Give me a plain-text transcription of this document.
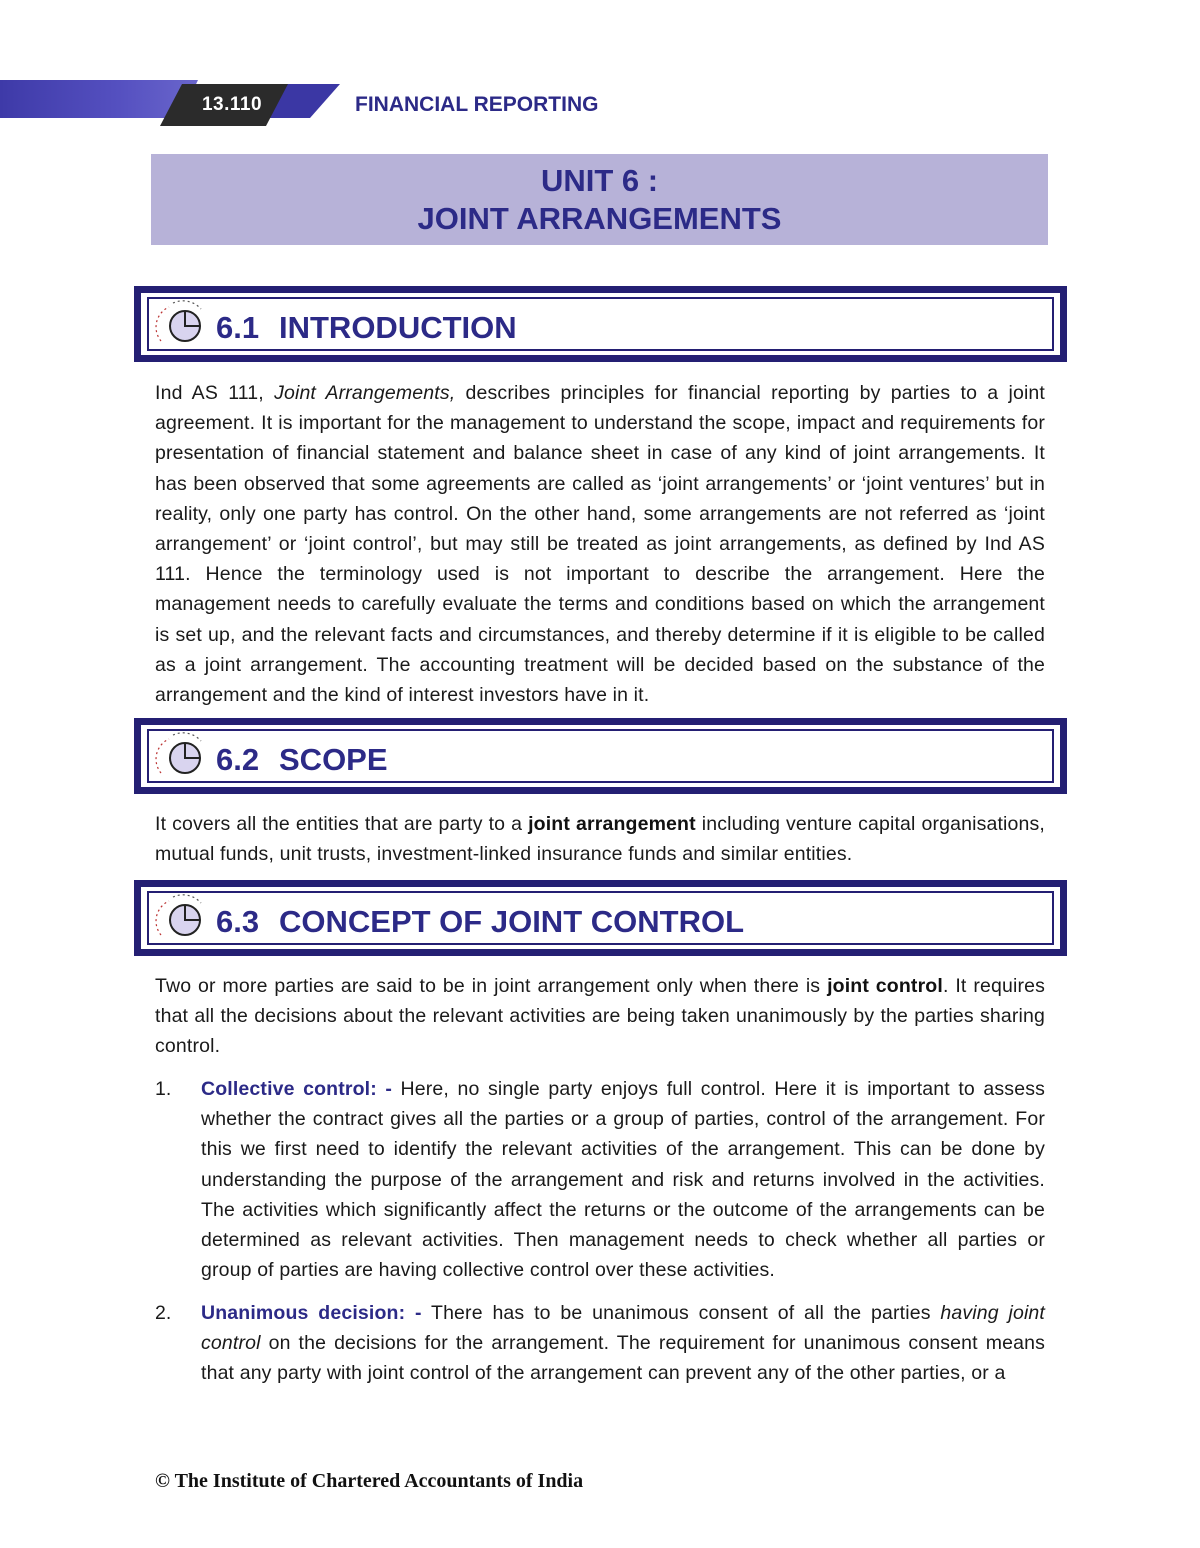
13.110	FINANCIAL REPORTING
UNIT 6 :
JOINT ARRANGEMENTS
6.1 INTRODUCTION
Ind AS 111, Joint Arrangements, describes principles for financial reporting by parties to a joint agreement. It is important for the management to understand the scope, impact and requirements for presentation of financial statement and balance sheet in case of any kind of joint arrangements. It has been observed that some agreements are called as ‘joint arrangements’ or ‘joint ventures’ but in reality, only one party has control. On the other hand, some arrangements are not referred as ‘joint arrangement’ or ‘joint control’, but may still be treated as joint arrangements, as defined by Ind AS 111. Hence the terminology used is not important to describe the arrangement. Here the management needs to carefully evaluate the terms and conditions based on which the arrangement is set up, and the relevant facts and circumstances, and thereby determine if it is eligible to be called as a joint arrangement. The accounting treatment will be decided based on the substance of the arrangement and the kind of interest investors have in it.
6.2 SCOPE
It covers all the entities that are party to a joint arrangement including venture capital organisations, mutual funds, unit trusts, investment-linked insurance funds and similar entities.
6.3 CONCEPT OF JOINT CONTROL
Two or more parties are said to be in joint arrangement only when there is joint control. It requires that all the decisions about the relevant activities are being taken unanimously by the parties sharing control.
1. Collective control: - Here, no single party enjoys full control. Here it is important to assess whether the contract gives all the parties or a group of parties, control of the arrangement. For this we first need to identify the relevant activities of the arrangement. This can be done by understanding the purpose of the arrangement and risk and returns involved in the activities. The activities which significantly affect the returns or the outcome of the arrangements can be determined as relevant activities. Then management needs to check whether all parties or group of parties are having collective control over these activities.
2. Unanimous decision: - There has to be unanimous consent of all the parties having joint control on the decisions for the arrangement. The requirement for unanimous consent means that any party with joint control of the arrangement can prevent any of the other parties, or a
© The Institute of Chartered Accountants of India
